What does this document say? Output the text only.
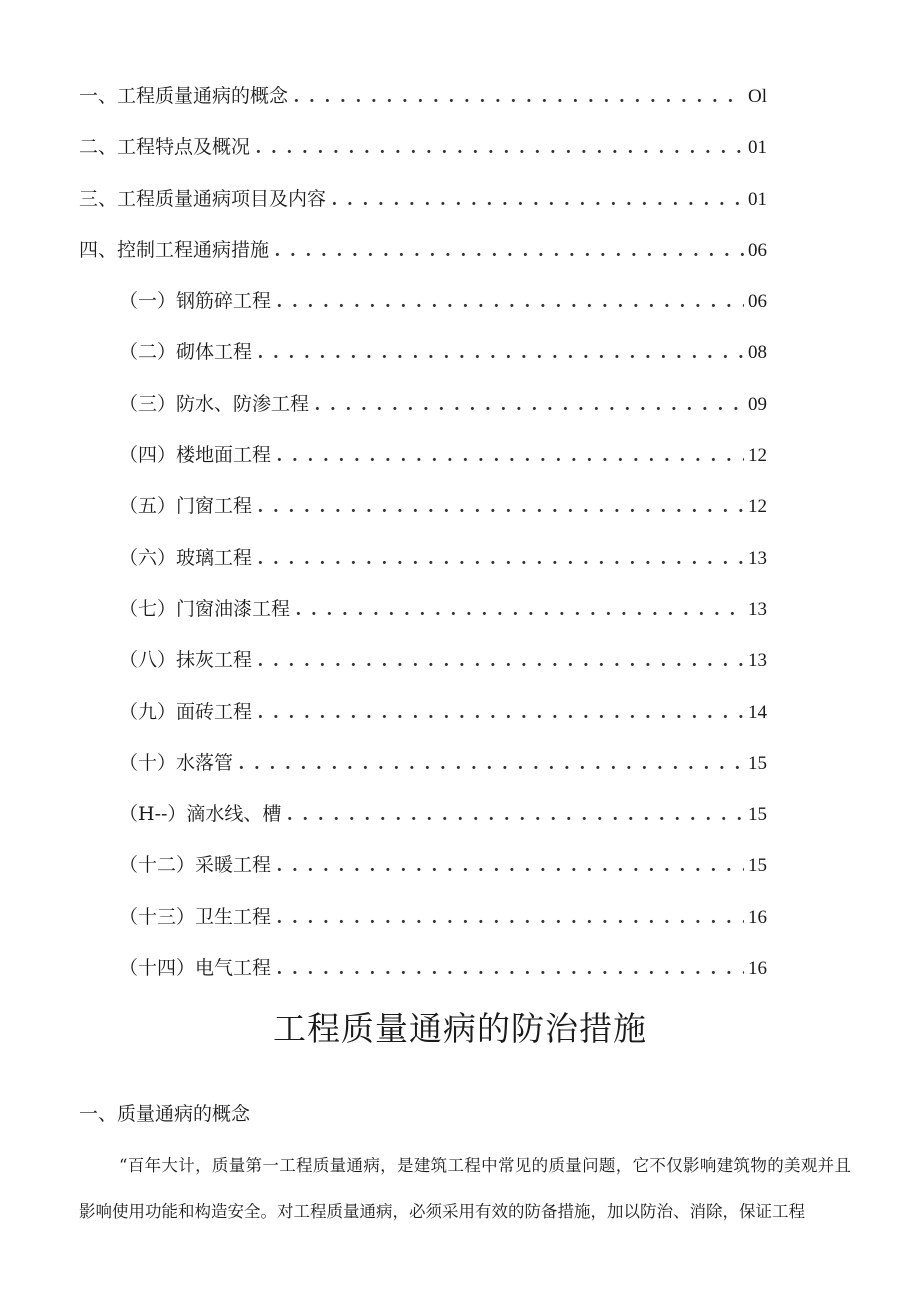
一、工程质量通病的概念 . . .	Ol
二、工程特点及概况 . . .	01
三、工程质量通病项目及内容 . . .	01
四、控制工程通病措施 . . .	06
（一）钢筋碎工程 . . .	06
（二）砌体工程 . . .	08
（三）防水、防渗工程 . . .	09
（四）楼地面工程 . . .	12
（五）门窗工程 . . .	12
（六）玻璃工程 . . .	13
（七）门窗油漆工程 . . .	13
（八）抹灰工程 . . .	13
（九）面砖工程 . . .	14
（十）水落管 . . .	15
（H--）滴水线、槽 . . .	15
（十二）采暖工程 . . .	15
（十三）卫生工程 . . .	16
（十四）电气工程 . . .	16
工程质量通病的防治措施
一、质量通病的概念

“百年大计，质量第一工程质量通病，是建筑工程中常见的质量问题，它不仅影响建筑物的美观并且影响使用功能和构造安全。对工程质量通病，必须采用有效的防备措施，加以防治、消除，保证工程
